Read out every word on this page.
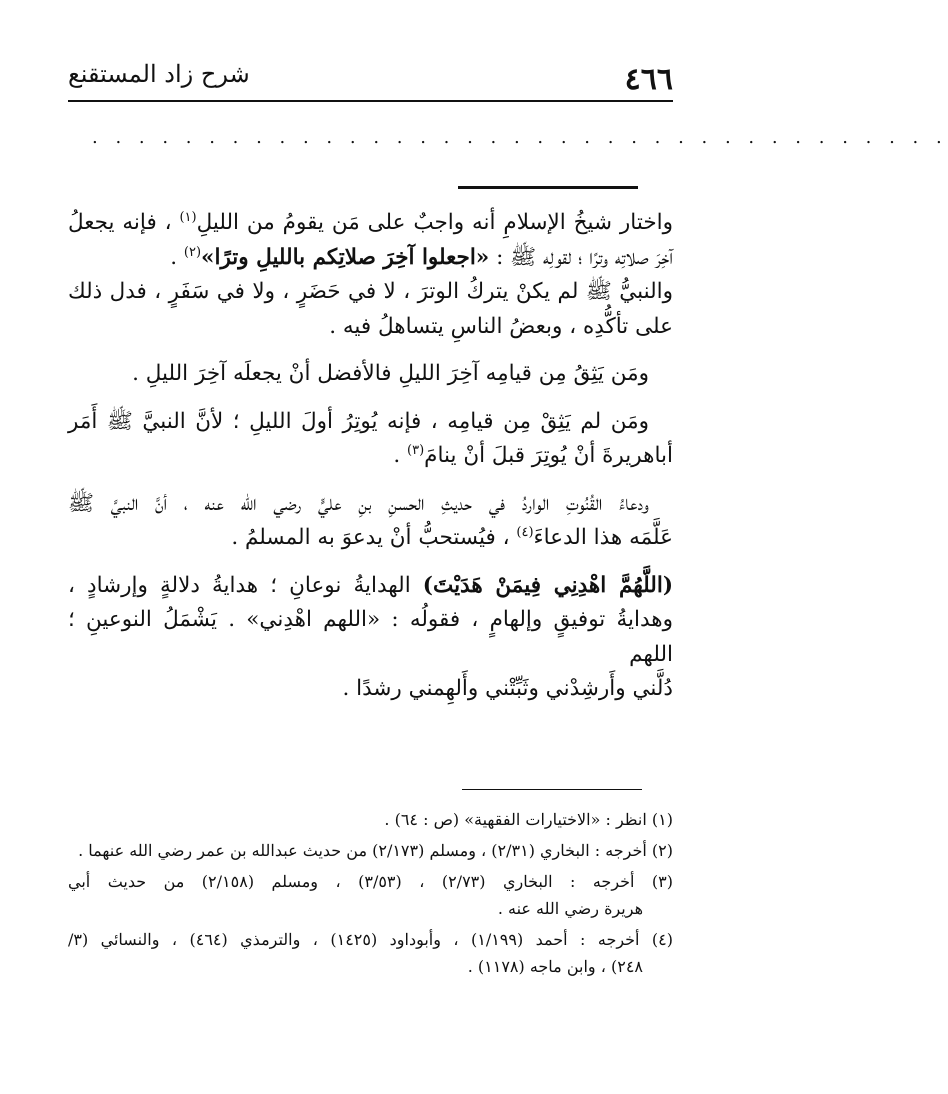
٤٦٦
شرح زاد المستقنع
. . . . . . . . . . . . . . . . . . . . . . . . . . . . . . . . . . . . .

واختار شيخُ الإسلامِ أنه واجبٌ على مَن يقومُ من الليلِ$^{(١)}$ ، فإنه يجعلُ
آخِرَ صلاتِه وترًا ؛ لقولِه ﷺ : «اجعلوا آخِرَ صلاتِكم بالليلِ وترًا»$^{(٢)}$ .
والنبيُّ ﷺ لم يكنْ يتركُ الوترَ ، لا في حَضَرٍ ، ولا في سَفَرٍ ، فدل ذلك
على تأكُّدِه ، وبعضُ الناسِ يتساهلُ فيه .

ومَن يَثِقُ مِن قيامِه آخِرَ الليلِ فالأفضل أنْ يجعلَه آخِرَ الليلِ .

ومَن لم يَثِقْ مِن قيامِه ، فإنه يُوتِرُ أولَ الليلِ ؛ لأنَّ النبيَّ ﷺ أَمَر
أباهريرةَ أنْ يُوتِرَ قبلَ أنْ ينامَ$^{(٣)}$ .

ودعاءُ القُنُوتِ الواردُ في حديثِ الحسنِ بنِ عليٍّ رضي الله عنه ، أنَّ النبيَّ ﷺ
عَلَّمَه هذا الدعاءَ$^{(٤)}$ ، فيُستحبُّ أنْ يدعوَ به المسلمُ .

(اللَّهُمَّ اهْدِنِي فِيمَنْ هَدَيْتَ) الهدايةُ نوعانِ ؛ هدايةُ دلالةٍ وإرشادٍ ،
وهدايةُ توفيقٍ وإلهامٍ ، فقولُه : «اللهم اهْدِني» . يَشْمَلُ النوعينِ ؛ اللهم
دُلَّني وأَرشِدْني وثَبِّتْني وأَلهِمني رشدًا .

(١) انظر : «الاختيارات الفقهية» (ص : ٦٤) .

(٢) أخرجه : البخاري (٢/٣١) ، ومسلم (٢/١٧٣) من حديث عبدالله بن عمر رضي الله عنهما .

(٣) أخرجه : البخاري (٢/٧٣) ، (٣/٥٣) ، ومسلم (٢/١٥٨) من حديث أبي
هريرة رضي الله عنه .

(٤) أخرجه : أحمد (١/١٩٩) ، وأبوداود (١٤٢٥) ، والترمذي (٤٦٤) ، والنسائي (٣/
٢٤٨) ، وابن ماجه (١١٧٨) .
